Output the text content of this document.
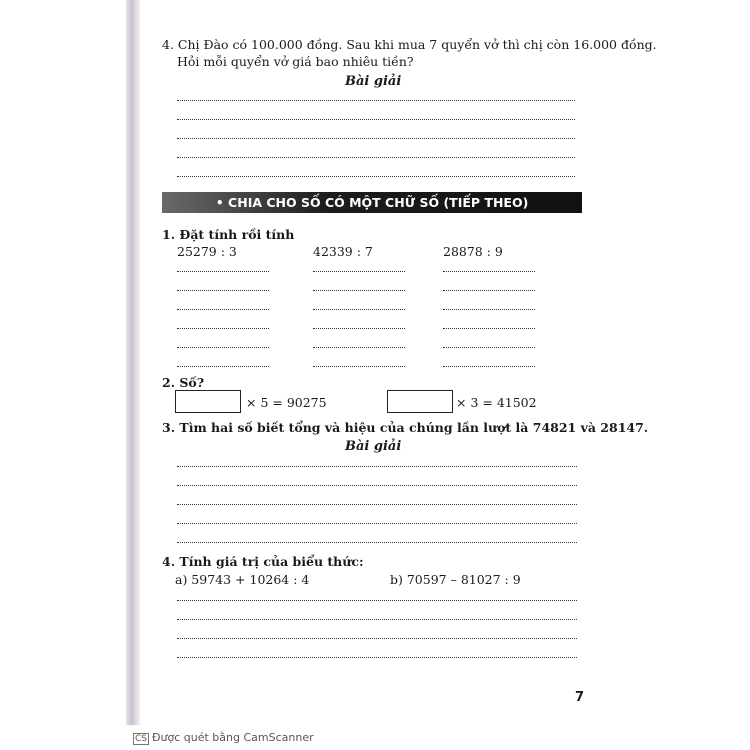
4. Chị Đào có 100.000 đồng. Sau khi mua 7 quyển vở thì chị còn 16.000 đồng.
Hỏi mỗi quyển vở giá bao nhiêu tiền?
Bài giải
• CHIA CHO SỐ CÓ MỘT CHỮ SỐ (TIẾP THEO)
1. Đặt tính rồi tính
25279 : 3	42339 : 7	28878 : 9
2. Số?
× 5 = 90275	× 3 = 41502
3. Tìm hai số biết tổng và hiệu của chúng lần lượt là 74821 và 28147.
Bài giải
4. Tính giá trị của biểu thức:
a) 59743 + 10264 : 4	b) 70597 – 81027 : 9
7
CS Được quét bằng CamScanner
